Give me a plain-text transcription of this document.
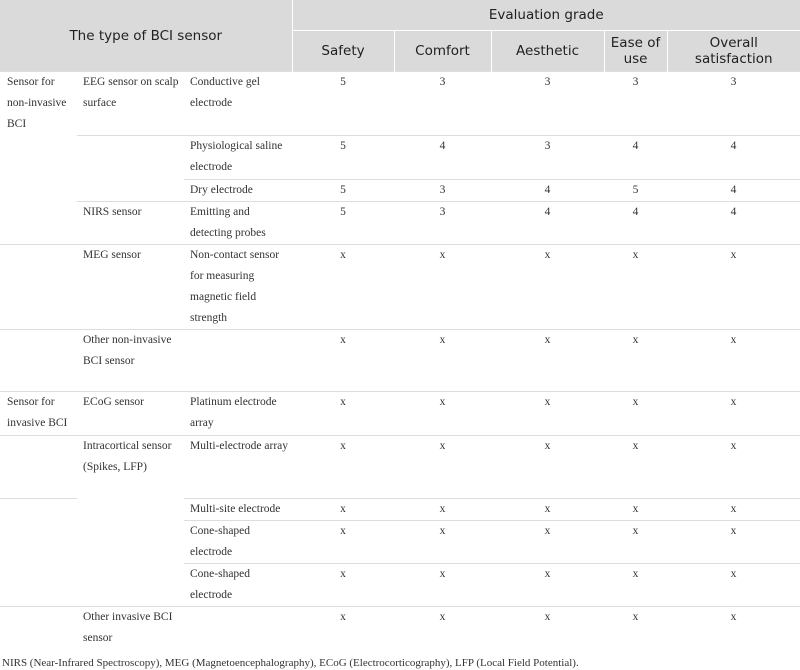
The type of BCI sensor			Evaluation grade				
			Safety	Comfort	Aesthetic	Ease of use	Overall satisfaction
Sensor for non-invasive BCI	EEG sensor on scalp surface	Conductive gel electrode	5	3	3	3	3
		Physiological saline electrode	5	4	3	4	4
		Dry electrode	5	3	4	5	4
	NIRS sensor	Emitting and detecting probes	5	3	4	4	4
	MEG sensor	Non-contact sensor for measuring magnetic field strength	x	x	x	x	x
	Other non-invasive BCI sensor		x	x	x	x	x
Sensor for invasive BCI	ECoG sensor	Platinum electrode array	x	x	x	x	x
	Intracortical sensor (Spikes, LFP)	Multi-electrode array	x	x	x	x	x
		Multi-site electrode	x	x	x	x	x
		Cone-shaped electrode	x	x	x	x	x
		Cone-shaped electrode	x	x	x	x	x
	Other invasive BCI sensor		x	x	x	x	x
NIRS (Near-Infrared Spectroscopy), MEG (Magnetoencephalography), ECoG (Electrocorticography), LFP (Local Field Potential).
